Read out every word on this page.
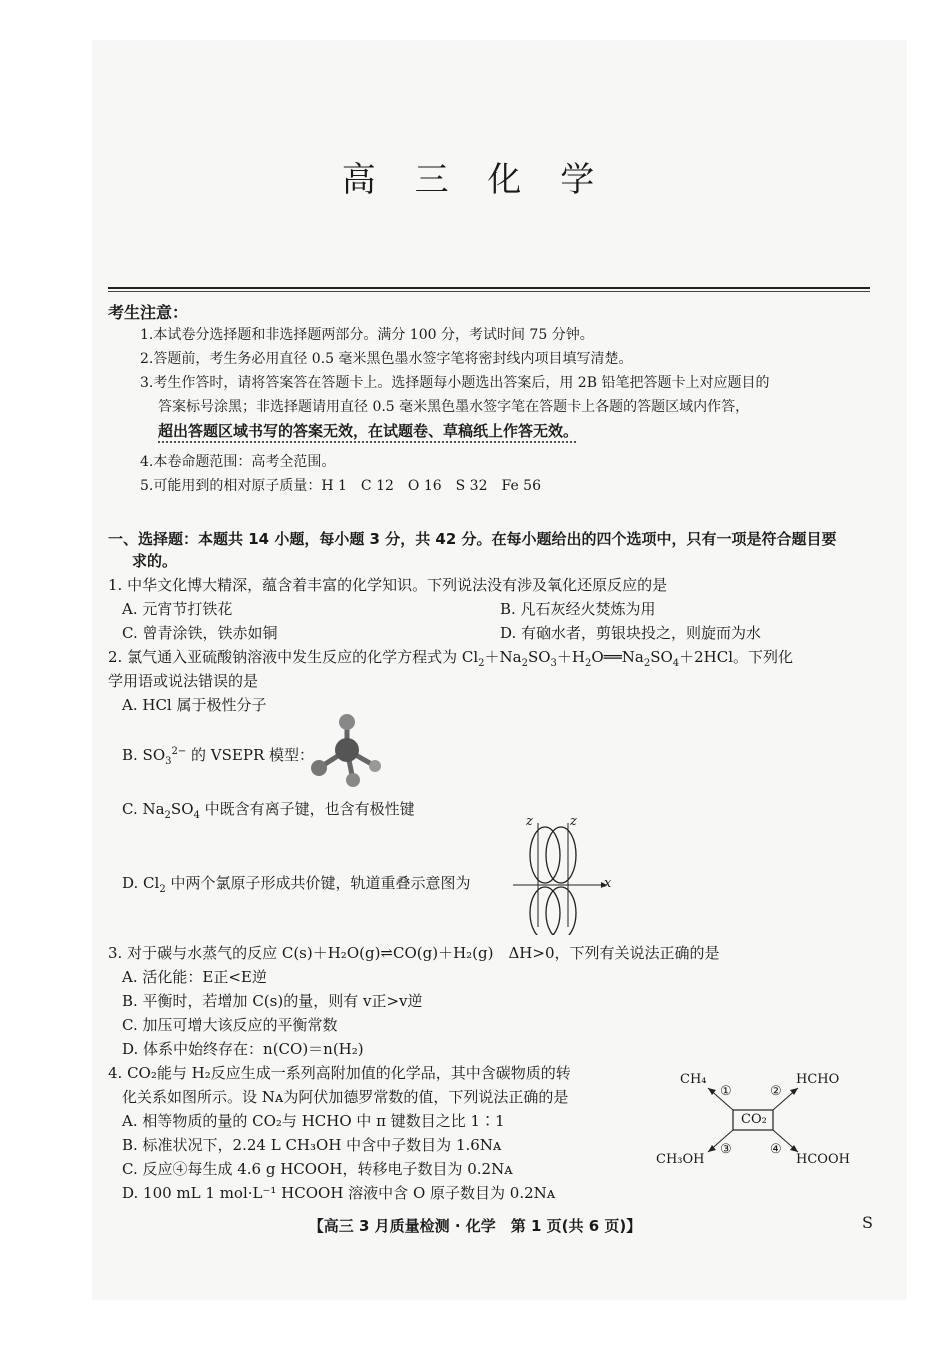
高 三 化 学
考生注意：
1.本试卷分选择题和非选择题两部分。满分 100 分，考试时间 75 分钟。
2.答题前，考生务必用直径 0.5 毫米黑色墨水签字笔将密封线内项目填写清楚。
3.考生作答时，请将答案答在答题卡上。选择题每小题选出答案后，用 2B 铅笔把答题卡上对应题目的
答案标号涂黑；非选择题请用直径 0.5 毫米黑色墨水签字笔在答题卡上各题的答题区域内作答，
超出答题区域书写的答案无效，在试题卷、草稿纸上作答无效。
4.本卷命题范围：高考全范围。
5.可能用到的相对原子质量：H 1　C 12　O 16　S 32　Fe 56
一、选择题：本题共 14 小题，每小题 3 分，共 42 分。在每小题给出的四个选项中，只有一项是符合题目要
求的。
1. 中华文化博大精深，蕴含着丰富的化学知识。下列说法没有涉及氧化还原反应的是
A. 元宵节打铁花	B. 凡石灰经火焚炼为用
C. 曾青涂铁，铁赤如铜	D. 有硇水者，剪银块投之，则旋而为水
2. 氯气通入亚硫酸钠溶液中发生反应的化学方程式为 $Cl_2+Na_2SO_3+H_2O══Na_2SO_4+2HCl$。下列化
学用语或说法错误的是
A. HCl 属于极性分子
B. $SO_3^{2-}$ 的 VSEPR 模型：
C. $Na_2SO_4$ 中既含有离子键，也含有极性键
D. $Cl_2$ 中两个氯原子形成共价键，轨道重叠示意图为
z	z
x
3. 对于碳与水蒸气的反应 C(s)＋H₂O(g)⇌CO(g)＋H₂(g)　ΔH>0，下列有关说法正确的是
A. 活化能：E正<E逆
B. 平衡时，若增加 C(s)的量，则有 v正>v逆
C. 加压可增大该反应的平衡常数
D. 体系中始终存在：n(CO)＝n(H₂)
4. CO₂能与 H₂反应生成一系列高附加值的化学品，其中含碳物质的转
化关系如图所示。设 Nᴀ为阿伏加德罗常数的值，下列说法正确的是
A. 相等物质的量的 CO₂与 HCHO 中 π 键数目之比 1∶1
B. 标准状况下，2.24 L CH₃OH 中含中子数目为 1.6Nᴀ
C. 反应④每生成 4.6 g HCOOH，转移电子数目为 0.2Nᴀ
D. 100 mL 1 mol·L⁻¹ HCOOH 溶液中含 O 原子数目为 0.2Nᴀ
CO₂
CH₄	HCHO
CH₃OH	HCOOH
①	②
③	④
【高三 3 月质量检测 · 化学　第 1 页(共 6 页)】	S
